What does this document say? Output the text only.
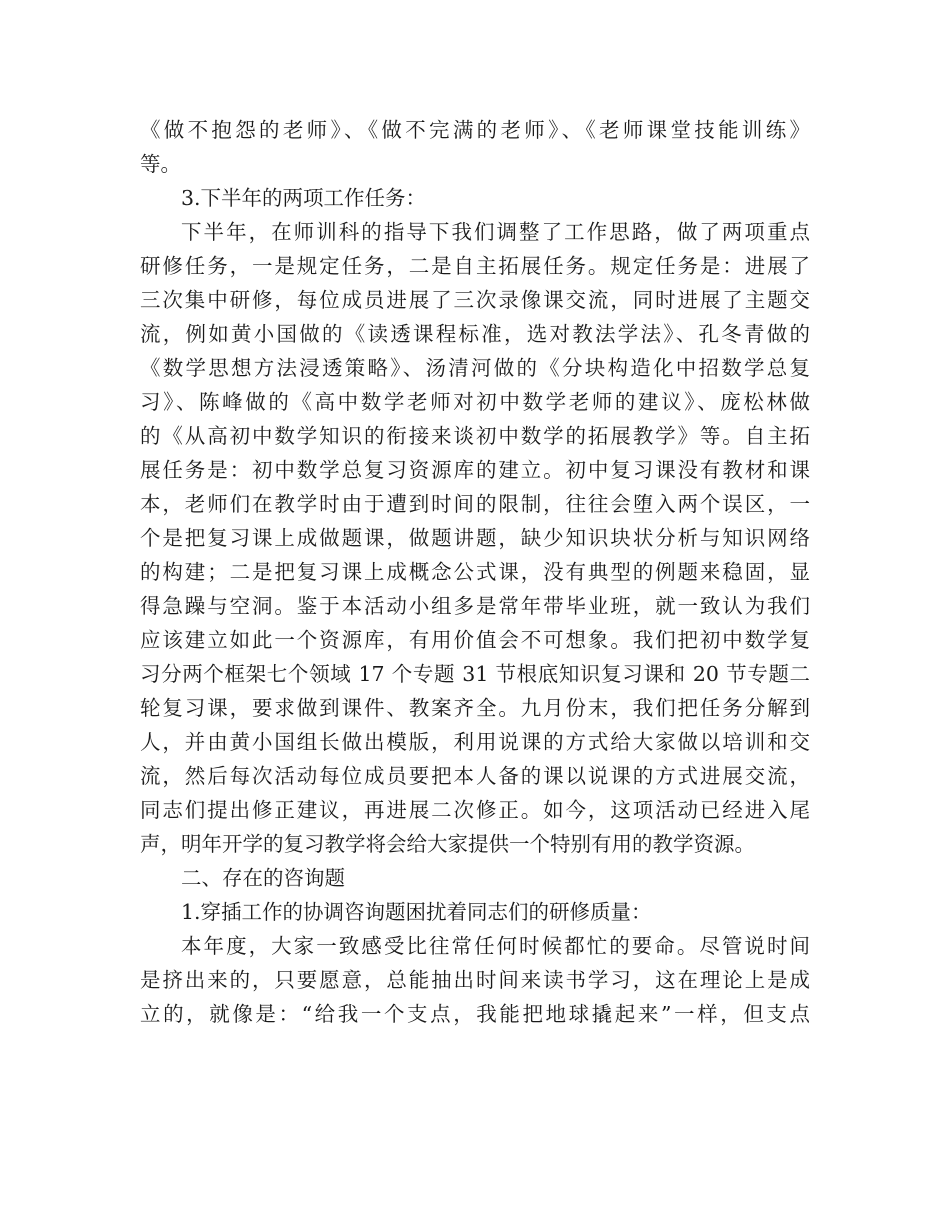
《做不抱怨的老师》、《做不完满的老师》、《老师课堂技能训练》
等。
3.下半年的两项工作任务：
下半年，在师训科的指导下我们调整了工作思路，做了两项重点
研修任务，一是规定任务，二是自主拓展任务。规定任务是：进展了
三次集中研修，每位成员进展了三次录像课交流，同时进展了主题交
流，例如黄小国做的《读透课程标准，选对教法学法》、孔冬青做的
《数学思想方法浸透策略》、汤清河做的《分块构造化中招数学总复
习》、陈峰做的《高中数学老师对初中数学老师的建议》、庞松林做
的《从高初中数学知识的衔接来谈初中数学的拓展教学》等。自主拓
展任务是：初中数学总复习资源库的建立。初中复习课没有教材和课
本，老师们在教学时由于遭到时间的限制，往往会堕入两个误区，一
个是把复习课上成做题课，做题讲题，缺少知识块状分析与知识网络
的构建；二是把复习课上成概念公式课，没有典型的例题来稳固，显
得急躁与空洞。鉴于本活动小组多是常年带毕业班，就一致认为我们
应该建立如此一个资源库，有用价值会不可想象。我们把初中数学复
习分两个框架七个领域 17 个专题 31 节根底知识复习课和 20 节专题二
轮复习课，要求做到课件、教案齐全。九月份末，我们把任务分解到
人，并由黄小国组长做出模版，利用说课的方式给大家做以培训和交
流，然后每次活动每位成员要把本人备的课以说课的方式进展交流，
同志们提出修正建议，再进展二次修正。如今，这项活动已经进入尾
声，明年开学的复习教学将会给大家提供一个特别有用的教学资源。
二、存在的咨询题
1.穿插工作的协调咨询题困扰着同志们的研修质量：
本年度，大家一致感受比往常任何时候都忙的要命。尽管说时间
是挤出来的，只要愿意，总能抽出时间来读书学习，这在理论上是成
立的，就像是：“给我一个支点，我能把地球撬起来”一样，但支点
